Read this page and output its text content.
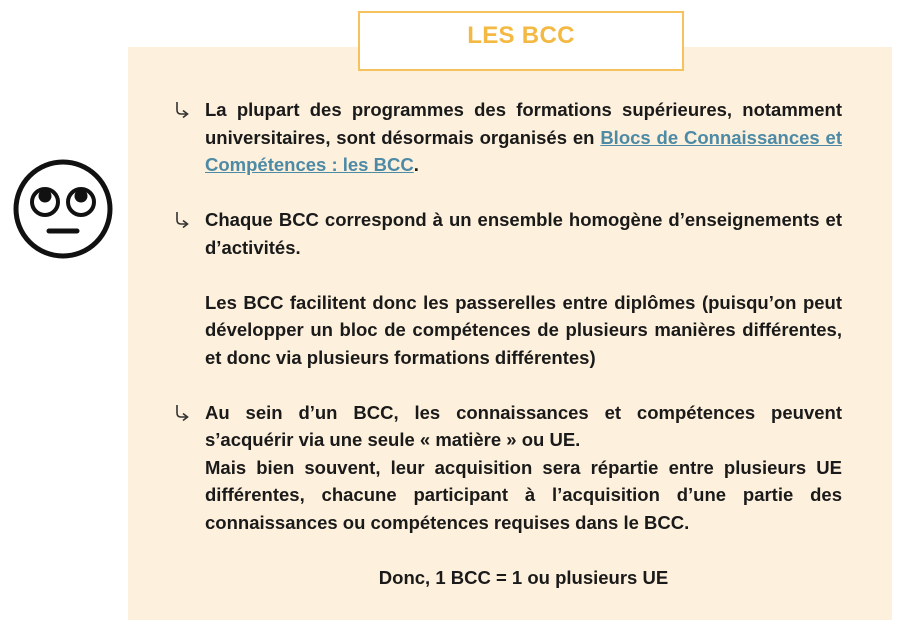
LES BCC
La plupart des programmes des formations supérieures, notamment universitaires, sont désormais organisés en Blocs de Connaissances et Compétences : les BCC.
Chaque BCC correspond à un ensemble homogène d’enseignements et d’activités.
Les BCC facilitent donc les passerelles entre diplômes (puisqu’on peut développer un bloc de compétences de plusieurs manières différentes, et donc via plusieurs formations différentes)
Au sein d’un BCC, les connaissances et compétences peuvent s’acquérir via une seule « matière » ou UE.
Mais bien souvent, leur acquisition sera répartie entre plusieurs UE différentes, chacune participant à l’acquisition d’une partie des connaissances ou compétences requises dans le BCC.
Donc, 1 BCC = 1 ou plusieurs UE
